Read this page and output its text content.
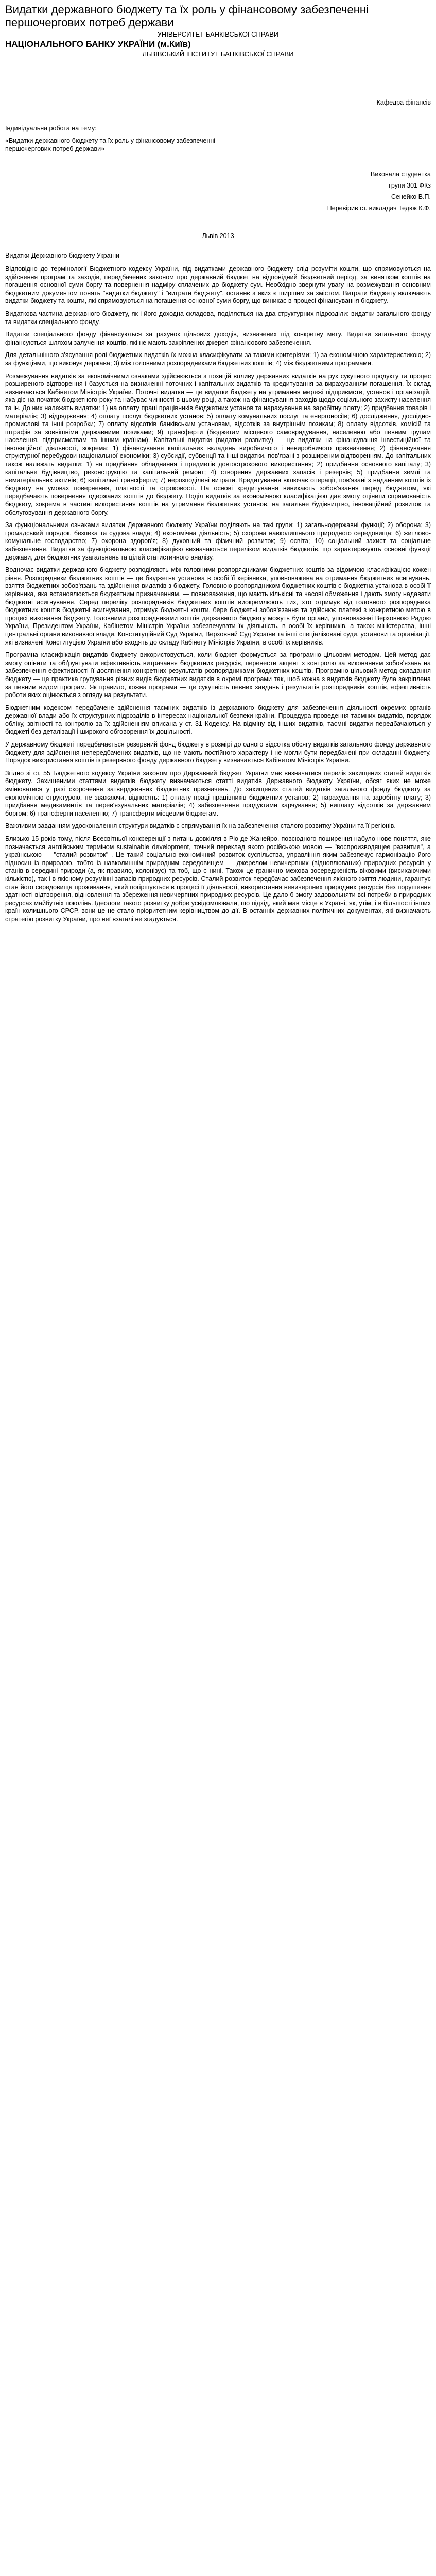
Видатки державного бюджету та їх роль у фінансовому забезпеченні першочергових потреб держави

УНІВЕРСИТЕТ БАНКІВСЬКОЇ СПРАВИ

НАЦІОНАЛЬНОГО БАНКУ УКРАЇНИ (м.Київ)

ЛЬВІВСЬКИЙ ІНСТИТУТ БАНКІВСЬКОЇ СПРАВИ

Кафедра фінансів

Індивідуальна робота на тему:

«Видатки державного бюджету та їх роль у фінансовому забезпеченні першочергових потреб держави»

Виконала студентка
групи 301 ФКз
Сенейко В.П.
Перевірив ст. викладач Тедюк К.Ф.
Львів 2013
Видатки Державного бюджету України

Відповідно до термінології Бюджетного кодексу України, під видатками державного бюджету слід розуміти кошти, що спрямовуються на здійснення програм та заходів, передбачених законом про державний бюджет на відповідний бюджетний період, за винятком коштів на погашення основної суми боргу та повернення надміру сплачених до бюджету сум. Необхідно звернути увагу на розмежування основним бюджетним документом понять "видатки бюджету" і "витрати бюджету", останнє з яких є ширшим за змістом. Витрати бюджету включають видатки бюджету та кошти, які спрямовуються на погашення основної суми боргу, що виникає в процесі фінансування бюджету.

Видаткова частина державного бюджету, як і його доходна складова, поділяється на два структурних підрозділи: видатки загального фонду та видатки спеціального фонду.

Видатки спеціального фонду фінансуються за рахунок цільових доходів, визначених під конкретну мету. Видатки загального фонду фінансуються шляхом залучення коштів, які не мають закріплених джерел фінансового забезпечення.

Для детальнішого з'ясування ролі бюджетних видатків їх можна класифікувати за такими критеріями: 1) за економічною характеристикою; 2) за функціями, що виконує держава; 3) між головними розпорядниками бюджетних коштів; 4) між бюджетними програмами.

Розмежування видатків за економічними ознаками здійснюється з позицій впливу державних видатків на рух сукупного продукту та процес розширеного відтворення і базується на визначенні поточних і капітальних видатків та кредитування за вирахуванням погашення. Їх склад визначається Кабінетом Міністрів України. Поточні видатки — це видатки бюджету на утримання мережі підприємств, установ і організацій, яка діє на початок бюджетного року та набуває чинності в цьому році, а також на фінансування заходів щодо соціального захисту населення та ін. До них належать видатки: 1) на оплату праці працівників бюджетних установ та нарахування на заробітну плату; 2) придбання товарів і матеріалів; 3) відрядження; 4) оплату послуг бюджетних установ; 5) оплату комунальних послуг та енергоносіїв; 6) дослідження, дослідно-промислові та інші розробки; 7) оплату відсотків банківським установам, відсотків за внутрішнім позикам; 8) оплату відсотків, комісій та штрафів за зовнішніми державними позиками; 9) трансферти (бюджетам місцевого самоврядування, населенню або певним групам населення, підприємствам та іншим країнам). Капітальні видатки (видатки розвитку) — це видатки на фінансування інвестиційної та інноваційної діяльності, зокрема: 1) фінансування капітальних вкладень виробничого і невиробничого призначення; 2) фінансування структурної перебудови національної економіки; 3) субсидії, субвенції та інші видатки, пов'язані з розширеним відтворенням. До капітальних також належать видатки: 1) на придбання обладнання і предметів довгострокового використання; 2) придбання основного капіталу; 3) капітальне будівництво, реконструкцію та капітальний ремонт; 4) створення державних запасів і резервів; 5) придбання землі та нематеріальних активів; 6) капітальні трансферти; 7) нерозподілені витрати. Кредитування включає операції, пов'язані з наданням коштів із бюджету на умовах повернення, платності та строковості. На основі кредитування виникають зобов'язання перед бюджетом, які передбачають повернення одержаних коштів до бюджету. Поділ видатків за економічною класифікацією дає змогу оцінити спрямованість бюджету, зокрема в частині використання коштів на утримання бюджетних установ, на загальне будівництво, інноваційний розвиток та обслуговування державного боргу.

За функціональними ознаками видатки Державного бюджету України поділяють на такі групи: 1) загальнодержавні функції; 2) оборона; 3) громадський порядок, безпека та судова влада; 4) економічна діяльність; 5) охорона навколишнього природного середовища; 6) житлово-комунальне господарство; 7) охорона здоров'я; 8) духовний та фізичний розвиток; 9) освіта; 10) соціальний захист та соціальне забезпечення. Видатки за функціональною класифікацією визначаються переліком видатків бюджетів, що характеризують основні функції держави, для бюджетних узагальнень та цілей статистичного аналізу.

Водночас видатки державного бюджету розподіляють між головними розпорядниками бюджетних коштів за відомчою класифікацією кожен рівня. Розпорядники бюджетних коштів — це бюджетна установа в особі її керівника, уповноважена на отримання бюджетних асигнувань, взяття бюджетних зобов'язань та здійснення видатків з бюджету. Головною розпорядником бюджетних коштів є бюджетна установа в особі її керівника, яка встановлюється бюджетним призначенням, — повноваження, що мають кількісні та часові обмеження і дають змогу надавати бюджетні асигнування. Серед переліку розпорядників бюджетних коштів виокремлюють тих, хто отримує від головного розпорядника бюджетних коштів бюджетні асигнування, отримує бюджетні кошти, бере бюджетні зобов'язання та здійснює платежі з конкретною метою в процесі виконання бюджету. Головними розпорядниками коштів державного бюджету можуть бути органи, уповноважені Верховною Радою України, Президентом України, Кабінетом Міністрів України забезпечувати їх діяльність, в особі їх керівників, а також міністерства, інші центральні органи виконавчої влади, Конституційний Суд України, Верховний Суд України та інші спеціалізовані суди, установи та організації, які визначені Конституцією України або входять до складу Кабінету Міністрів України, в особі їх керівників.

Програмна класифікація видатків бюджету використовується, коли бюджет формується за програмно-цільовим методом. Цей метод дає змогу оцінити та обґрунтувати ефективність витрачання бюджетних ресурсів, перенести акцент з контролю за виконанням зобов'язань на забезпечення ефективності її досягнення конкретних результатів розпорядниками бюджетних коштів. Програмно-цільовий метод складання бюджету — це практика групування різних видів бюджетних видатків в окремі програми так, щоб кожна з видатків бюджету була закріплена за певним видом програм. Як правило, кожна програма — це сукупність певних завдань і результатів розпорядників коштів, ефективність роботи яких оцінюється з огляду на результати.

Бюджетним кодексом передбачене здійснення таємних видатків із державного бюджету для забезпечення діяльності окремих органів державної влади або їх структурних підрозділів в інтересах національної безпеки країни. Процедура проведення таємних видатків, порядок обліку, звітності та контролю за їх здійсненням вписана у ст. 31 Кодексу. На відміну від інших видатків, таємні видатки передбачаються у бюджеті без деталізації і широкого обговорення їх доцільності.

У державному бюджеті передбачається резервний фонд бюджету в розмірі до одного відсотка обсягу видатків загального фонду державного бюджету для здійснення непередбачених видатків, що не мають постійного характеру і не могли бути передбачені при складанні бюджету. Порядок використання коштів із резервного фонду державного бюджету визначається Кабінетом Міністрів України.

Згідно зі ст. 55 Бюджетного кодексу України законом про Державний бюджет України має визначатися перелік захищених статей видатків бюджету. Захищеними статтями видатків бюджету визначаються статті видатків Державного бюджету України, обсяг яких не може змінюватися у разі скорочення затвердженних бюджетних призначень. До захищених статей видатків загального фонду бюджету за економічною структурою, не зважаючи, відносять: 1) оплату праці працівників бюджетних установ; 2) нарахування на заробітну плату; 3) придбання медикаментів та перев'язувальних матеріалів; 4) забезпечення продуктами харчування; 5) виплату відсотків за державним боргом; 6) трансферти населенню; 7) трансферти місцевим бюджетам.

Важливим завданням удосконалення структури видатків є спрямування їх на забезпечення сталого розвитку України та її регіонів.

Близько 15 років тому, після Всесвітньої конференції з питань довкілля в Ріо-де-Жанейро, повсюдного поширення набуло нове поняття, яке позначається англійським терміном sustainable development, точний переклад якого російською мовою — "воспроизводящее развитие", а українською — "сталий розвиток" . Це такий соціально-економічний розвиток суспільства, управління яким забезпечує гармонізацію його відносин із природою, тобто із навколишнім природним середовищем — джерелом невичерпних (відновлюваних) природних ресурсів у станів в середині природи (а, як правило, колонізує) та тоб, що є нині. Також це гранично межова зосередженість віковими (висихаючими кількістю), так і в якісному розумінні запасів природних ресурсів. Сталий розвиток передбачає забезпечення якісного життя людини, гарантує стан його середовища проживання, який погіршується в процесі її діяльності, використання невичерпних природних ресурсів без порушення здатності відтворення, відновлення та збереження невичерпних природних ресурсів. Це дало б змогу задовольняти всі потреби в природних ресурсах майбутніх поколінь. Ідеологи такого розвитку добре усвідомлювали, що підхід, який мав місце в Україні, як, утім, і в більшості інших країн колишнього СРСР, вони це не стало пріоритетним керівництвом до дії. В останніх державних політичних документах, які визначають стратегію розвитку України, про неї взагалі не згадується.
